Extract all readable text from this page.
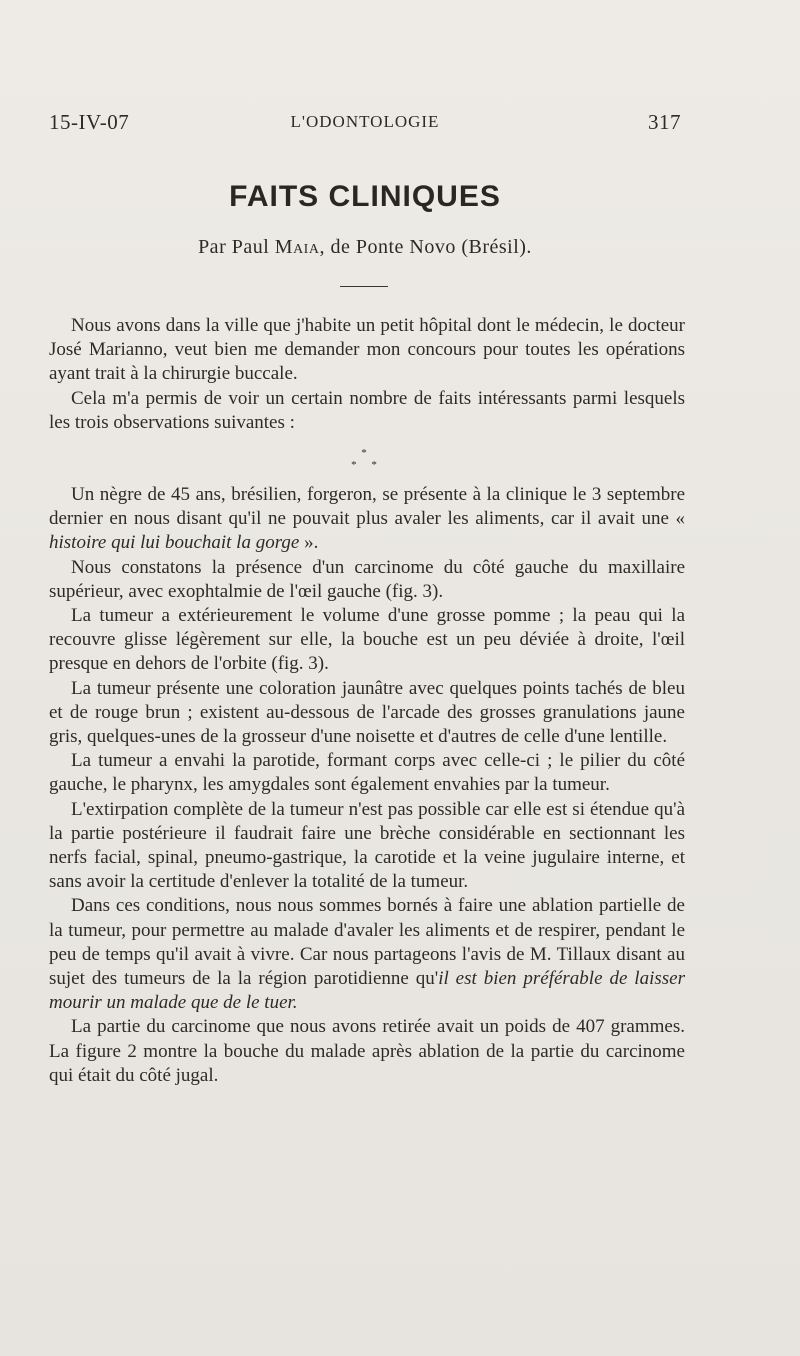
15-IV-07	L'ODONTOLOGIE	317
FAITS CLINIQUES
Par Paul Maia, de Ponte Novo (Brésil).

Nous avons dans la ville que j'habite un petit hôpital dont le médecin, le docteur José Marianno, veut bien me demander mon concours pour toutes les opérations ayant trait à la chirurgie buccale.

Cela m'a permis de voir un certain nombre de faits intéressants parmi lesquels les trois observations suivantes :

*
* *

Un nègre de 45 ans, brésilien, forgeron, se présente à la clinique le 3 septembre dernier en nous disant qu'il ne pouvait plus avaler les aliments, car il avait une « histoire qui lui bouchait la gorge ».

Nous constatons la présence d'un carcinome du côté gauche du maxillaire supérieur, avec exophtalmie de l'œil gauche (fig. 3).

La tumeur a extérieurement le volume d'une grosse pomme ; la peau qui la recouvre glisse légèrement sur elle, la bouche est un peu déviée à droite, l'œil presque en dehors de l'orbite (fig. 3).

La tumeur présente une coloration jaunâtre avec quelques points tachés de bleu et de rouge brun ; existent au-dessous de l'arcade des grosses granulations jaune gris, quelques-unes de la grosseur d'une noisette et d'autres de celle d'une lentille.

La tumeur a envahi la parotide, formant corps avec celle-ci ; le pilier du côté gauche, le pharynx, les amygdales sont également envahies par la tumeur.

L'extirpation complète de la tumeur n'est pas possible car elle est si étendue qu'à la partie postérieure il faudrait faire une brèche considérable en sectionnant les nerfs facial, spinal, pneumo-gastrique, la carotide et la veine jugulaire interne, et sans avoir la certitude d'enlever la totalité de la tumeur.

Dans ces conditions, nous nous sommes bornés à faire une ablation partielle de la tumeur, pour permettre au malade d'avaler les aliments et de respirer, pendant le peu de temps qu'il avait à vivre. Car nous partageons l'avis de M. Tillaux disant au sujet des tumeurs de la la région parotidienne qu'il est bien préférable de laisser mourir un malade que de le tuer.

La partie du carcinome que nous avons retirée avait un poids de 407 grammes. La figure 2 montre la bouche du malade après ablation de la partie du carcinome qui était du côté jugal.
